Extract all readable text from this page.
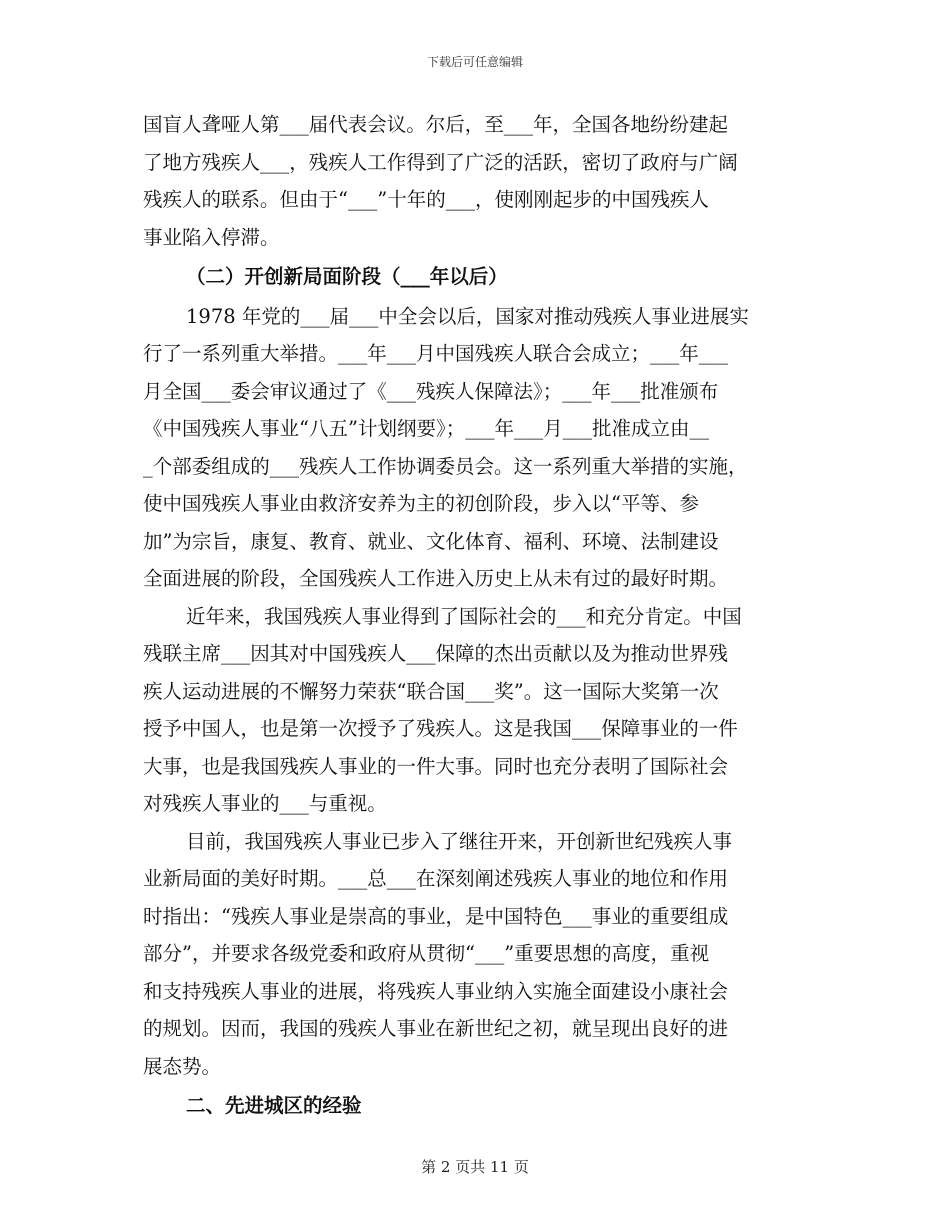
下载后可任意编辑
国盲人聋哑人第___届代表会议。尔后，至___年，全国各地纷纷建起
了地方残疾人___，残疾人工作得到了广泛的活跃，密切了政府与广阔
残疾人的联系。但由于“___”十年的___，使刚刚起步的中国残疾人
事业陷入停滞。
（二）开创新局面阶段（___年以后）
1978 年党的___届___中全会以后，国家对推动残疾人事业进展实
行了一系列重大举措。___年___月中国残疾人联合会成立；___年___
月全国___委会审议通过了《___残疾人保障法》；___年___批准颁布
《中国残疾人事业“八五”计划纲要》；___年___月___批准成立由__
_个部委组成的___残疾人工作协调委员会。这一系列重大举措的实施，
使中国残疾人事业由救济安养为主的初创阶段，步入以“平等、参
加”为宗旨，康复、教育、就业、文化体育、福利、环境、法制建设
全面进展的阶段，全国残疾人工作进入历史上从未有过的最好时期。
近年来，我国残疾人事业得到了国际社会的___和充分肯定。中国
残联主席___因其对中国残疾人___保障的杰出贡献以及为推动世界残
疾人运动进展的不懈努力荣获“联合国___奖”。这一国际大奖第一次
授予中国人，也是第一次授予了残疾人。这是我国___保障事业的一件
大事，也是我国残疾人事业的一件大事。同时也充分表明了国际社会
对残疾人事业的___与重视。
目前，我国残疾人事业已步入了继往开来，开创新世纪残疾人事
业新局面的美好时期。___总___在深刻阐述残疾人事业的地位和作用
时指出：“残疾人事业是崇高的事业，是中国特色___事业的重要组成
部分”，并要求各级党委和政府从贯彻“___”重要思想的高度，重视
和支持残疾人事业的进展，将残疾人事业纳入实施全面建设小康社会
的规划。因而，我国的残疾人事业在新世纪之初，就呈现出良好的进
展态势。
二、先进城区的经验
第 2 页共 11 页
